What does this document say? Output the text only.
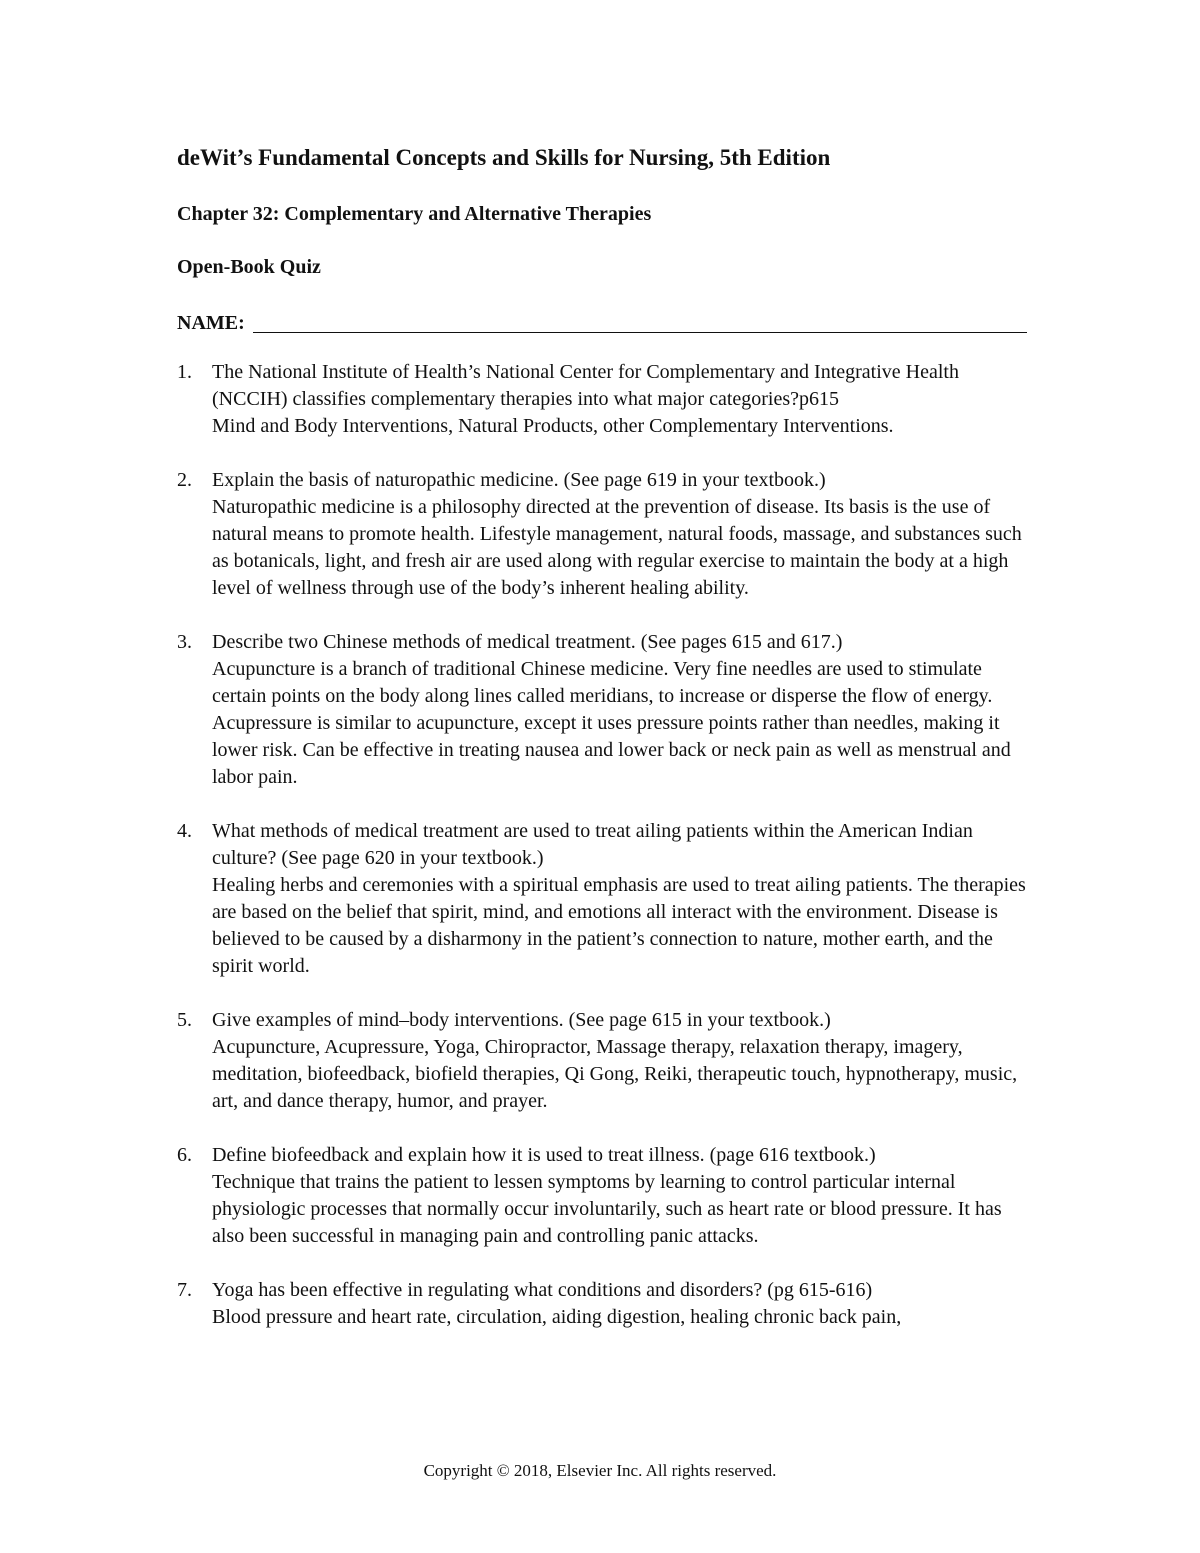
deWit’s Fundamental Concepts and Skills for Nursing, 5th Edition
Chapter 32: Complementary and Alternative Therapies
Open-Book Quiz
NAME:
1.	The National Institute of Health’s National Center for Complementary and Integrative Health (NCCIH) classifies complementary therapies into what major categories?p615
Mind and Body Interventions, Natural Products, other Complementary Interventions.
2.	Explain the basis of naturopathic medicine. (See page 619 in your textbook.)
Naturopathic medicine is a philosophy directed at the prevention of disease. Its basis is the use of natural means to promote health. Lifestyle management, natural foods, massage, and substances such as botanicals, light, and fresh air are used along with regular exercise to maintain the body at a high level of wellness through use of the body’s inherent healing ability.
3.	Describe two Chinese methods of medical treatment. (See pages 615 and 617.)
Acupuncture is a branch of traditional Chinese medicine. Very fine needles are used to stimulate certain points on the body along lines called meridians, to increase or disperse the flow of energy. Acupressure is similar to acupuncture, except it uses pressure points rather than needles, making it lower risk. Can be effective in treating nausea and lower back or neck pain as well as menstrual and labor pain.
4.	What methods of medical treatment are used to treat ailing patients within the American Indian culture? (See page 620 in your textbook.)
Healing herbs and ceremonies with a spiritual emphasis are used to treat ailing patients. The therapies are based on the belief that spirit, mind, and emotions all interact with the environment. Disease is believed to be caused by a disharmony in the patient’s connection to nature, mother earth, and the spirit world.
5.	Give examples of mind–body interventions. (See page 615 in your textbook.)
Acupuncture, Acupressure, Yoga, Chiropractor, Massage therapy, relaxation therapy, imagery, meditation, biofeedback, biofield therapies, Qi Gong, Reiki, therapeutic touch, hypnotherapy, music, art, and dance therapy, humor, and prayer.
6.	Define biofeedback and explain how it is used to treat illness. (page 616 textbook.)
Technique that trains the patient to lessen symptoms by learning to control particular internal physiologic processes that normally occur involuntarily, such as heart rate or blood pressure. It has also been successful in managing pain and controlling panic attacks.
7.	Yoga has been effective in regulating what conditions and disorders? (pg 615-616)
Blood pressure and heart rate, circulation, aiding digestion, healing chronic back pain,
Copyright © 2018, Elsevier Inc. All rights reserved.
